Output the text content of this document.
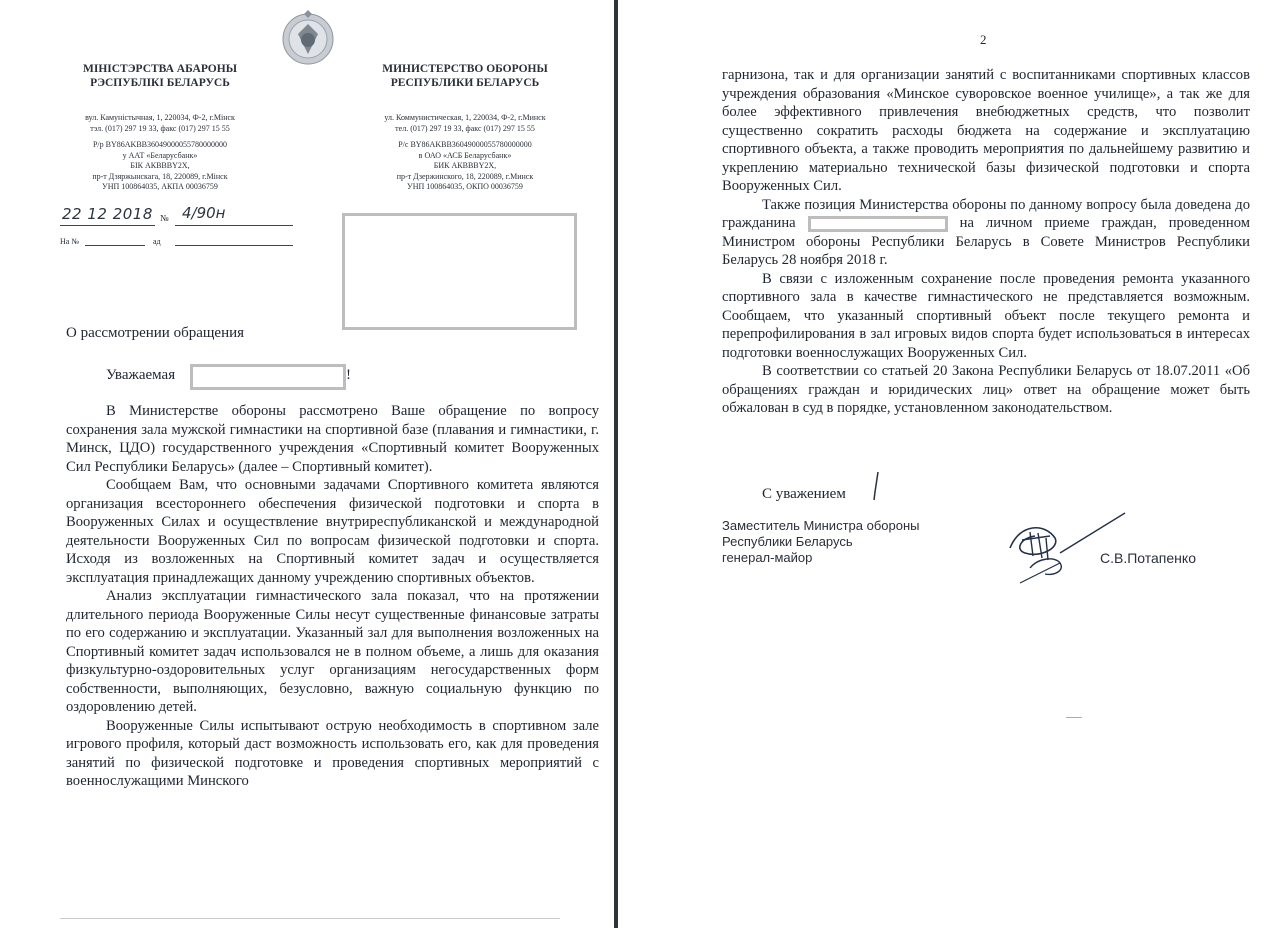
МІНІСТЭРСТВА АБАРОНЫ
РЭСПУБЛІКІ БЕЛАРУСЬ
вул. Камуністычная, 1, 220034, Ф-2, г.Мінск
тэл. (017) 297 19 33, факс (017) 297 15 55
Р/р BY86AKBB36049000055780000000
у ААТ «Беларусбанк»
БІК АКВВВY2X,
пр-т Дзяржынскага, 18, 220089, г.Мінск
УНП 100864035, АКПА 00036759
МИНИСТЕРСТВО ОБОРОНЫ
РЕСПУБЛИКИ БЕЛАРУСЬ
ул. Коммунистическая, 1, 220034, Ф-2, г.Минск
тел. (017) 297 19 33, факс (017) 297 15 55
Р/с BY86AKBB36049000055780000000
в ОАО «АСБ Беларусбанк»
БИК АКВВВY2X,
пр-т Дзержинского, 18, 220089, г.Минск
УНП 100864035, ОКПО 00036759
22 12 2018 № 4/90н
На №	ад
О рассмотрении обращения
Уважаемая	!

В Министерстве обороны рассмотрено Ваше обращение по вопросу сохранения зала мужской гимнастики на спортивной базе (плавания и гимнастики, г. Минск, ЦДО) государственного учреждения «Спортивный комитет Вооруженных Сил Республики Беларусь» (далее – Спортивный комитет).

Сообщаем Вам, что основными задачами Спортивного комитета являются организация всестороннего обеспечения физической подготовки и спорта в Вооруженных Силах и осуществление внутриреспубликанской и международной деятельности Вооруженных Сил по вопросам физической подготовки и спорта. Исходя из возложенных на Спортивный комитет задач и осуществляется эксплуатация принадлежащих данному учреждению спортивных объектов.

Анализ эксплуатации гимнастического зала показал, что на протяжении длительного периода Вооруженные Силы несут существенные финансовые затраты по его содержанию и эксплуатации. Указанный зал для выполнения возложенных на Спортивный комитет задач использовался не в полном объеме, а лишь для оказания физкультурно-оздоровительных услуг организациям негосударственных форм собственности, выполняющих, безусловно, важную социальную функцию по оздоровлению детей.

Вооруженные Силы испытывают острую необходимость в спортивном зале игрового профиля, который даст возможность использовать его, как для проведения занятий по физической подготовке и проведения спортивных мероприятий с военнослужащими Минского

2

гарнизона, так и для организации занятий с воспитанниками спортивных классов учреждения образования «Минское суворовское военное училище», а так же для более эффективного привлечения внебюджетных средств, что позволит существенно сократить расходы бюджета на содержание и эксплуатацию спортивного объекта, а также проводить мероприятия по дальнейшему развитию и укреплению материально технической базы физической подготовки и спорта Вооруженных Сил.

Также позиция Министерства обороны по данному вопросу была доведена до гражданина	на личном приеме граждан, проведенном Министром обороны Республики Беларусь в Совете Министров Республики Беларусь 28 ноября 2018 г.

В связи с изложенным сохранение после проведения ремонта указанного спортивного зала в качестве гимнастического не представляется возможным. Сообщаем, что указанный спортивный объект после текущего ремонта и перепрофилирования в зал игровых видов спорта будет использоваться в интересах подготовки военнослужащих Вооруженных Сил.

В соответствии со статьей 20 Закона Республики Беларусь от 18.07.2011 «Об обращениях граждан и юридических лиц» ответ на обращение может быть обжалован в суд в порядке, установленном законодательством.

С уважением
Заместитель Министра обороны
Республики Беларусь
генерал-майор	С.В.Потапенко
